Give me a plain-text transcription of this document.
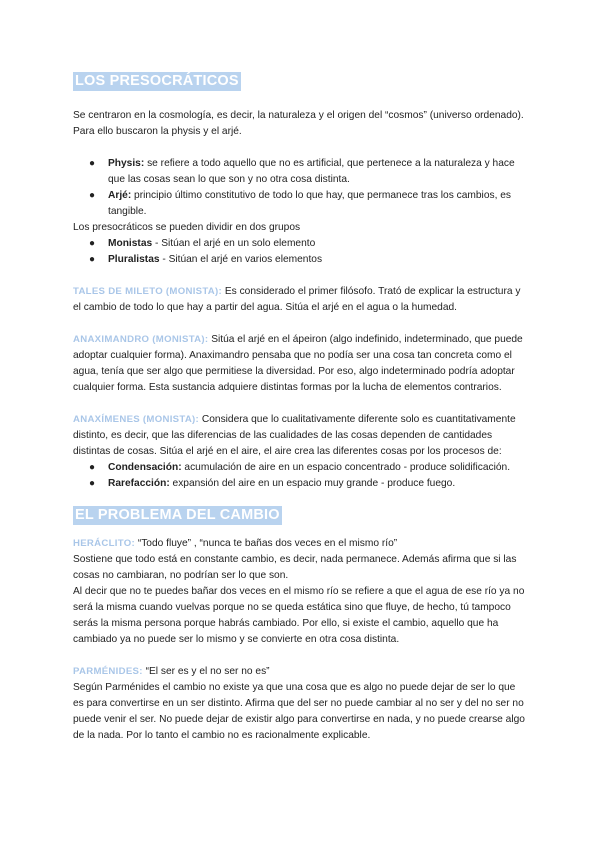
LOS PRESOCRÁTICOS

Se centraron en la cosmología, es decir, la naturaleza y el origen del “cosmos” (universo ordenado). Para ello buscaron la physis y el arjé.

● Physis: se refiere a todo aquello que no es artificial, que pertenece a la naturaleza y hace que las cosas sean lo que son y no otra cosa distinta.
● Arjé: principio último constitutivo de todo lo que hay, que permanece tras los cambios, es tangible.

Los presocráticos se pueden dividir en dos grupos

● Monistas - Sitúan el arjé en un solo elemento
● Pluralistas - Sitúan el arjé en varios elementos

TALES DE MILETO (MONISTA): Es considerado el primer filósofo. Trató de explicar la estructura y el cambio de todo lo que hay a partir del agua. Sitúa el arjé en el agua o la humedad.

ANAXIMANDRO (MONISTA): Sitúa el arjé en el ápeiron (algo indefinido, indeterminado, que puede adoptar cualquier forma). Anaximandro pensaba que no podía ser una cosa tan concreta como el agua, tenía que ser algo que permitiese la diversidad. Por eso, algo indeterminado podría adoptar cualquier forma. Esta sustancia adquiere distintas formas por la lucha de elementos contrarios.

ANAXÍMENES (MONISTA): Considera que lo cualitativamente diferente solo es cuantitativamente distinto, es decir, que las diferencias de las cualidades de las cosas dependen de cantidades distintas de cosas. Sitúa el arjé en el aire, el aire crea las diferentes cosas por los procesos de:

● Condensación: acumulación de aire en un espacio concentrado - produce solidificación.
● Rarefacción: expansión del aire en un espacio muy grande - produce fuego.
EL PROBLEMA DEL CAMBIO

HERÁCLITO: “Todo fluye” , “nunca te bañas dos veces en el mismo río”

Sostiene que todo está en constante cambio, es decir, nada permanece. Además afirma que si las cosas no cambiaran, no podrían ser lo que son.

Al decir que no te puedes bañar dos veces en el mismo río se refiere a que el agua de ese río ya no será la misma cuando vuelvas porque no se queda estática sino que fluye, de hecho, tú tampoco serás la misma persona porque habrás cambiado. Por ello, si existe el cambio, aquello que ha cambiado ya no puede ser lo mismo y se convierte en otra cosa distinta.

PARMÉNIDES: “El ser es y el no ser no es”

Según Parménides el cambio no existe ya que una cosa que es algo no puede dejar de ser lo que es para convertirse en un ser distinto. Afirma que del ser no puede cambiar al no ser y del no ser no puede venir el ser. No puede dejar de existir algo para convertirse en nada, y no puede crearse algo de la nada. Por lo tanto el cambio no es racionalmente explicable.
